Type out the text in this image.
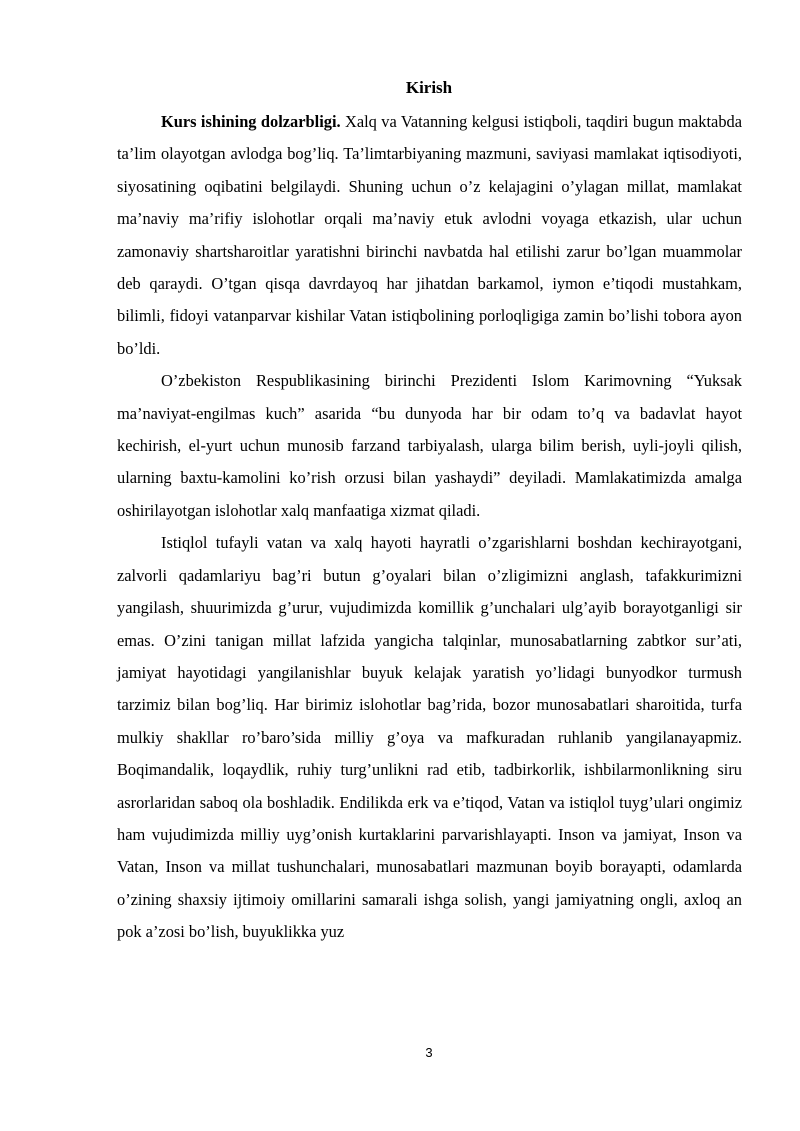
Kirish

Kurs ishining dolzarbligi. Xalq va Vatanning kelgusi istiqboli, taqdiri bugun maktabda ta’lim olayotgan avlodga bog’liq. Ta’limtarbiyaning mazmuni, saviyasi mamlakat iqtisodiyoti, siyosatining oqibatini belgilaydi. Shuning uchun o’z kelajagini o’ylagan millat, mamlakat ma’naviy ma’rifiy islohotlar orqali ma’naviy etuk avlodni voyaga etkazish, ular uchun zamonaviy shartsharoitlar yaratishni birinchi navbatda hal etilishi zarur bo’lgan muammolar deb qaraydi. O’tgan qisqa davrdayoq har jihatdan barkamol, iymon e’tiqodi mustahkam, bilimli, fidoyi vatanparvar kishilar Vatan istiqbolining porloqligiga zamin bo’lishi tobora ayon bo’ldi.

O’zbekiston Respublikasining birinchi Prezidenti Islom Karimovning “Yuksak ma’naviyat-engilmas kuch” asarida “bu dunyoda har bir odam to’q va badavlat hayot kechirish, el-yurt uchun munosib farzand tarbiyalash, ularga bilim berish, uyli-joyli qilish, ularning baxtu-kamolini ko’rish orzusi bilan yashaydi” deyiladi. Mamlakatimizda amalga oshirilayotgan islohotlar xalq manfaatiga xizmat qiladi.

Istiqlol tufayli vatan va xalq hayoti hayratli o’zgarishlarni boshdan kechirayotgani, zalvorli qadamlariyu bag’ri butun g’oyalari bilan o’zligimizni anglash, tafakkurimizni yangilash, shuurimizda g’urur, vujudimizda komillik g’unchalari ulg’ayib borayotganligi sir emas. O’zini tanigan millat lafzida yangicha talqinlar, munosabatlarning zabtkor sur’ati, jamiyat hayotidagi yangilanishlar buyuk kelajak yaratish yo’lidagi bunyodkor turmush tarzimiz bilan bog’liq. Har birimiz islohotlar bag’rida, bozor munosabatlari sharoitida, turfa mulkiy shakllar ro’baro’sida milliy g’oya va mafkuradan ruhlanib yangilanayapmiz. Boqimandalik, loqaydlik, ruhiy turg’unlikni rad etib, tadbirkorlik, ishbilarmonlikning siru asrorlaridan saboq ola boshladik. Endilikda erk va e’tiqod, Vatan va istiqlol tuyg’ulari ongimiz ham vujudimizda milliy uyg’onish kurtaklarini parvarishlayapti. Inson va jamiyat, Inson va Vatan, Inson va millat tushunchalari, munosabatlari mazmunan boyib borayapti, odamlarda o’zining shaxsiy ijtimoiy omillarini samarali ishga solish, yangi jamiyatning ongli, axloq an pok a’zosi bo’lish, buyuklikka yuz

3
